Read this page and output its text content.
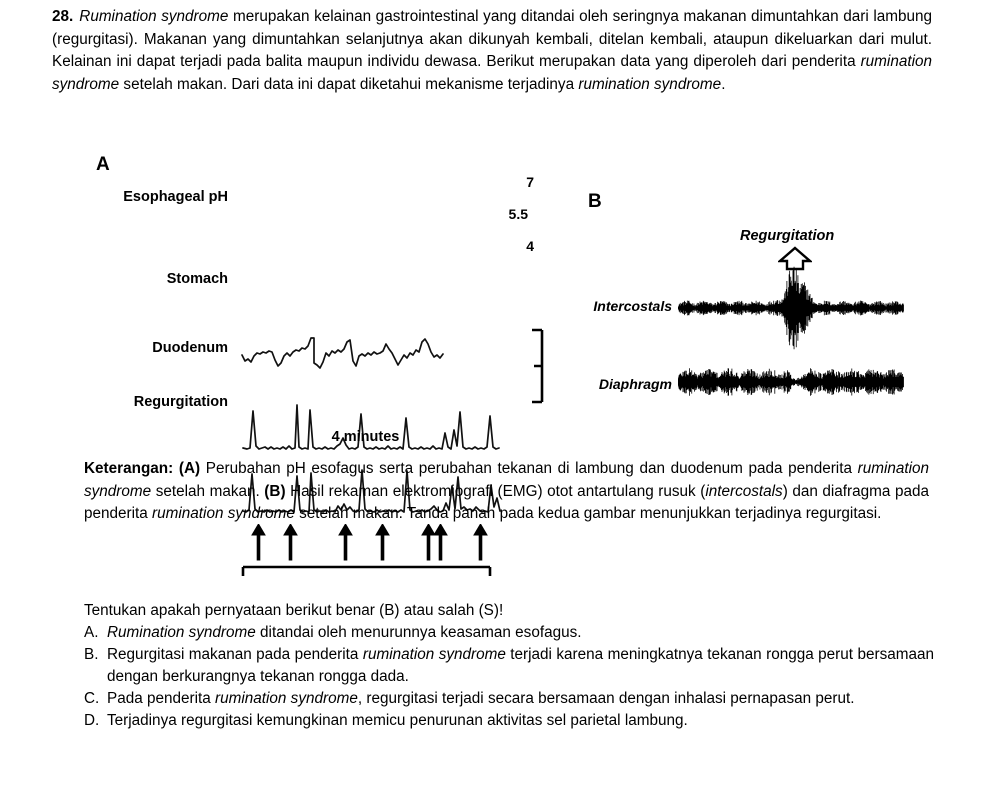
28. Rumination syndrome merupakan kelainan gastrointestinal yang ditandai oleh seringnya makanan dimuntahkan dari lambung (regurgitasi). Makanan yang dimuntahkan selanjutnya akan dikunyah kembali, ditelan kembali, ataupun dikeluarkan dari mulut. Kelainan ini dapat terjadi pada balita maupun individu dewasa. Berikut merupakan data yang diperoleh dari penderita rumination syndrome setelah makan. Dari data ini dapat diketahui mekanisme terjadinya rumination syndrome.
A
Esophageal pH
Stomach
Duodenum
Regurgitation
7
5.5
4
4 minutes
B
Regurgitation
Intercostals
Diaphragm
Keterangan: (A) Perubahan pH esofagus serta perubahan tekanan di lambung dan duodenum pada penderita rumination syndrome setelah makan. (B) Hasil rekaman elektromiografi (EMG) otot antartulang rusuk (intercostals) dan diafragma pada penderita rumination syndrome setelah makan. Tanda panah pada kedua gambar menunjukkan terjadinya regurgitasi.
Tentukan apakah pernyataan berikut benar (B) atau salah (S)!
A. Rumination syndrome ditandai oleh menurunnya keasaman esofagus.
B. Regurgitasi makanan pada penderita rumination syndrome terjadi karena meningkatnya tekanan rongga perut bersamaan dengan berkurangnya tekanan rongga dada.
C. Pada penderita rumination syndrome, regurgitasi terjadi secara bersamaan dengan inhalasi pernapasan perut.
D. Terjadinya regurgitasi kemungkinan memicu penurunan aktivitas sel parietal lambung.
